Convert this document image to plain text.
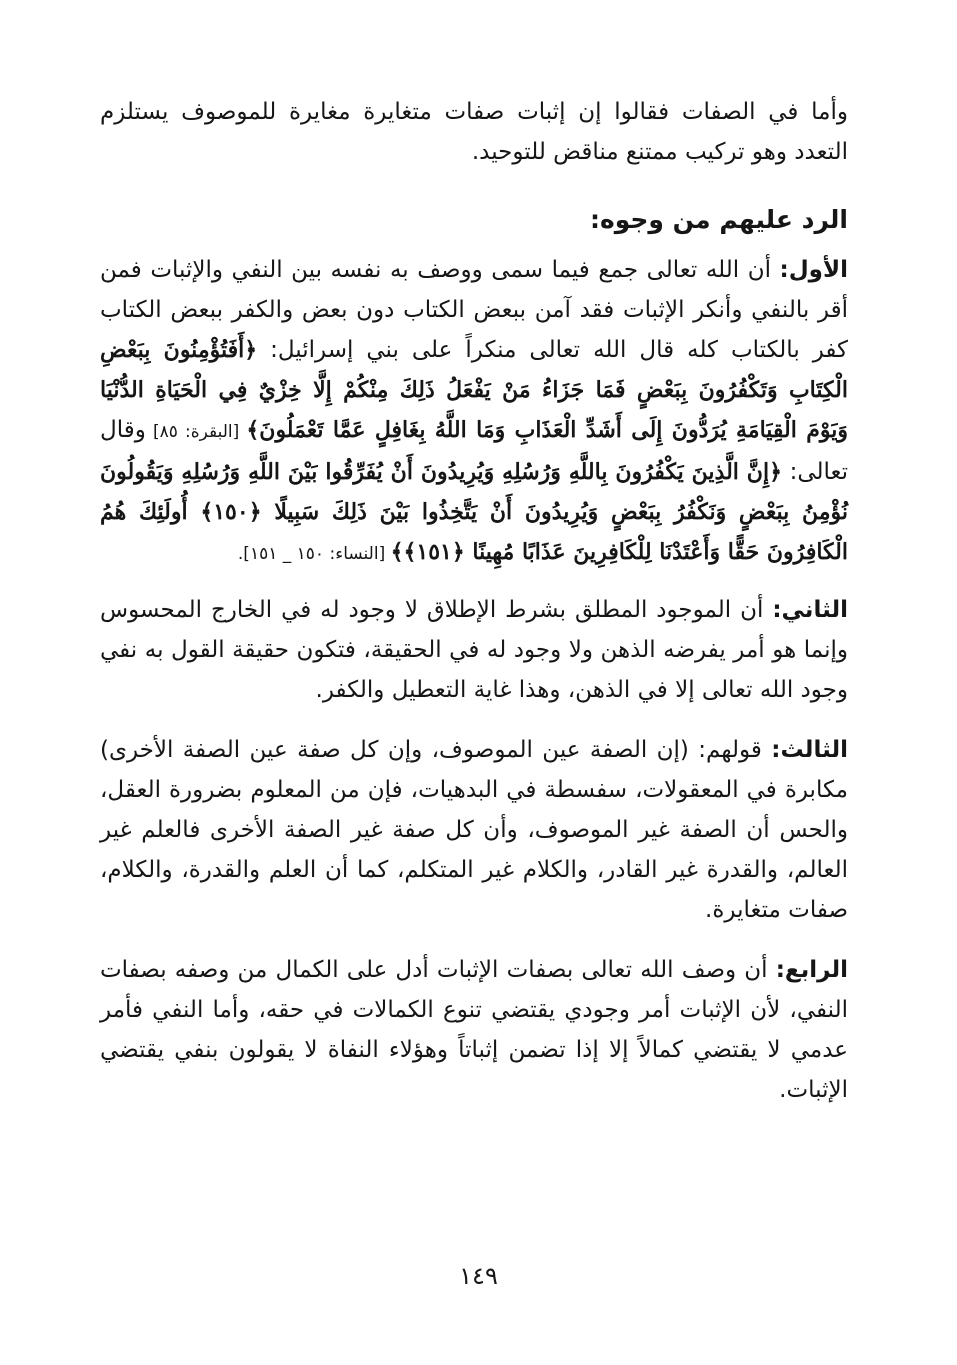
وأما في الصفات فقالوا إن إثبات صفات متغايرة مغايرة للموصوف يستلزم التعدد وهو تركيب ممتنع مناقض للتوحيد.

الرد عليهم من وجوه:

الأول: أن الله تعالى جمع فيما سمى ووصف به نفسه بين النفي والإثبات فمن أقر بالنفي وأنكر الإثبات فقد آمن ببعض الكتاب دون بعض والكفر ببعض الكتاب كفر بالكتاب كله قال الله تعالى منكراً على بني إسرائيل: ﴿أَفَتُؤْمِنُونَ بِبَعْضِ الْكِتَابِ وَتَكْفُرُونَ بِبَعْضٍ فَمَا جَزَاءُ مَنْ يَفْعَلُ ذَلِكَ مِنْكُمْ إِلَّا خِزْيٌ فِي الْحَيَاةِ الدُّنْيَا وَيَوْمَ الْقِيَامَةِ يُرَدُّونَ إِلَى أَشَدِّ الْعَذَابِ وَمَا اللَّهُ بِغَافِلٍ عَمَّا تَعْمَلُونَ﴾ [البقرة: ٨٥] وقال تعالى: ﴿إِنَّ الَّذِينَ يَكْفُرُونَ بِاللَّهِ وَرُسُلِهِ وَيُرِيدُونَ أَنْ يُفَرِّقُوا بَيْنَ اللَّهِ وَرُسُلِهِ وَيَقُولُونَ نُؤْمِنُ بِبَعْضٍ وَنَكْفُرُ بِبَعْضٍ وَيُرِيدُونَ أَنْ يَتَّخِذُوا بَيْنَ ذَلِكَ سَبِيلًا ﴿١٥٠﴾ أُولَئِكَ هُمُ الْكَافِرُونَ حَقًّا وَأَعْتَدْنَا لِلْكَافِرِينَ عَذَابًا مُهِينًا ﴿١٥١﴾﴾ [النساء: ١٥٠ _ ١٥١].

الثاني: أن الموجود المطلق بشرط الإطلاق لا وجود له في الخارج المحسوس وإنما هو أمر يفرضه الذهن ولا وجود له في الحقيقة، فتكون حقيقة القول به نفي وجود الله تعالى إلا في الذهن، وهذا غاية التعطيل والكفر.

الثالث: قولهم: (إن الصفة عين الموصوف، وإن كل صفة عين الصفة الأخرى) مكابرة في المعقولات، سفسطة في البدهيات، فإن من المعلوم بضرورة العقل، والحس أن الصفة غير الموصوف، وأن كل صفة غير الصفة الأخرى فالعلم غير العالم، والقدرة غير القادر، والكلام غير المتكلم، كما أن العلم والقدرة، والكلام، صفات متغايرة.

الرابع: أن وصف الله تعالى بصفات الإثبات أدل على الكمال من وصفه بصفات النفي، لأن الإثبات أمر وجودي يقتضي تنوع الكمالات في حقه، وأما النفي فأمر عدمي لا يقتضي كمالاً إلا إذا تضمن إثباتاً وهؤلاء النفاة لا يقولون بنفي يقتضي الإثبات.

١٤٩
